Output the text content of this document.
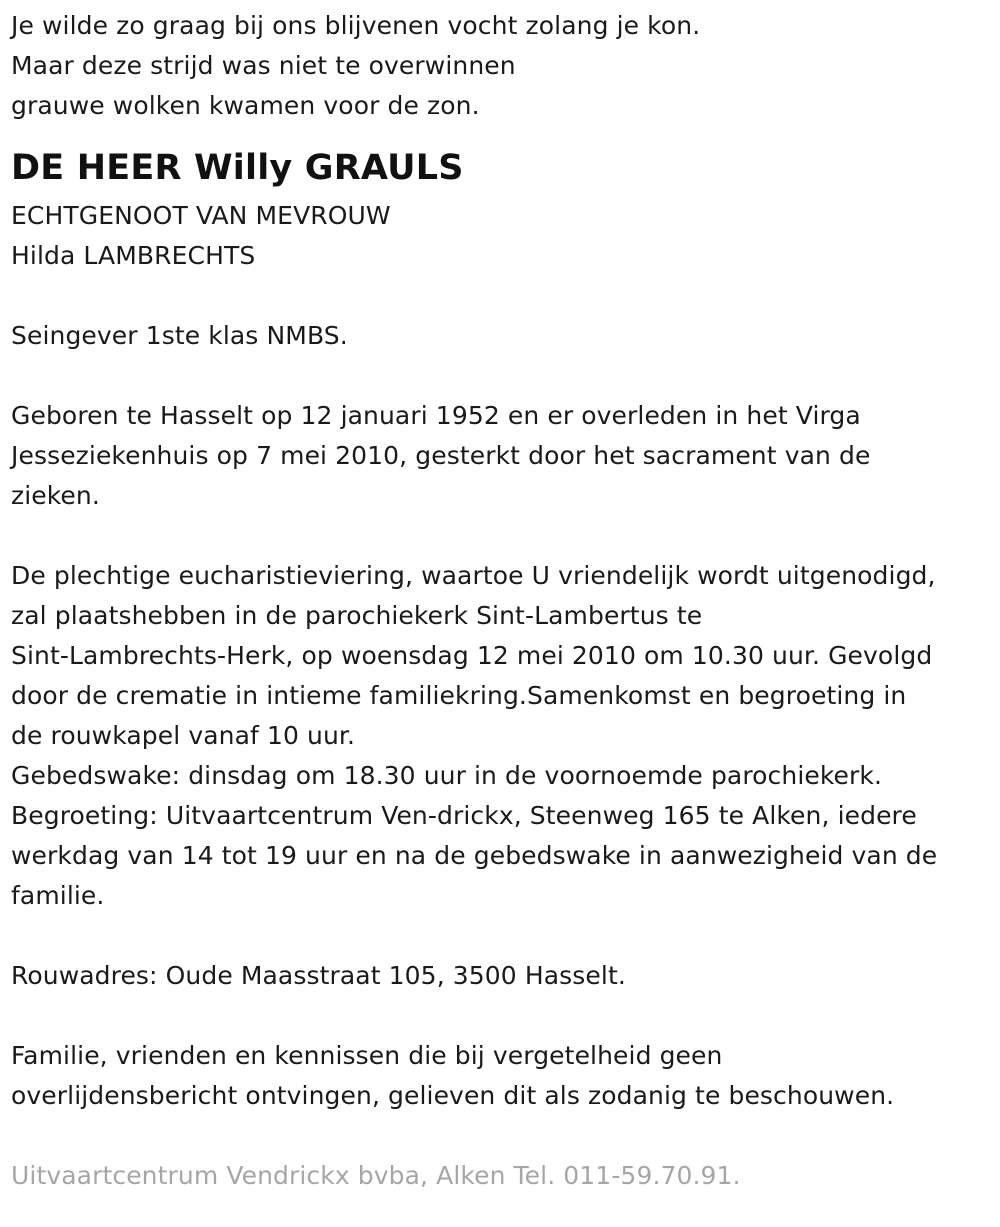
Je wilde zo graag bij ons blijvenen vocht zolang je kon.
Maar deze strijd was niet te overwinnen
grauwe wolken kwamen voor de zon.
DE HEER Willy GRAULS
ECHTGENOOT VAN MEVROUW
Hilda LAMBRECHTS
Seingever 1ste klas NMBS.
Geboren te Hasselt op 12 januari 1952 en er overleden in het Virga
Jesseziekenhuis op 7 mei 2010, gesterkt door het sacrament van de
zieken.
De plechtige eucharistieviering, waartoe U vriendelijk wordt uitgenodigd,
zal plaatshebben in de parochiekerk Sint-Lambertus te
Sint-Lambrechts-Herk, op woensdag 12 mei 2010 om 10.30 uur. Gevolgd
door de crematie in intieme familiekring.Samenkomst en begroeting in
de rouwkapel vanaf 10 uur.
Gebedswake: dinsdag om 18.30 uur in de voornoemde parochiekerk.
Begroeting: Uitvaartcentrum Ven-drickx, Steenweg 165 te Alken, iedere
werkdag van 14 tot 19 uur en na de gebedswake in aanwezigheid van de
familie.
Rouwadres: Oude Maasstraat 105, 3500 Hasselt.
Familie, vrienden en kennissen die bij vergetelheid geen
overlijdensbericht ontvingen, gelieven dit als zodanig te beschouwen.
Uitvaartcentrum Vendrickx bvba, Alken Tel. 011-59.70.91.
